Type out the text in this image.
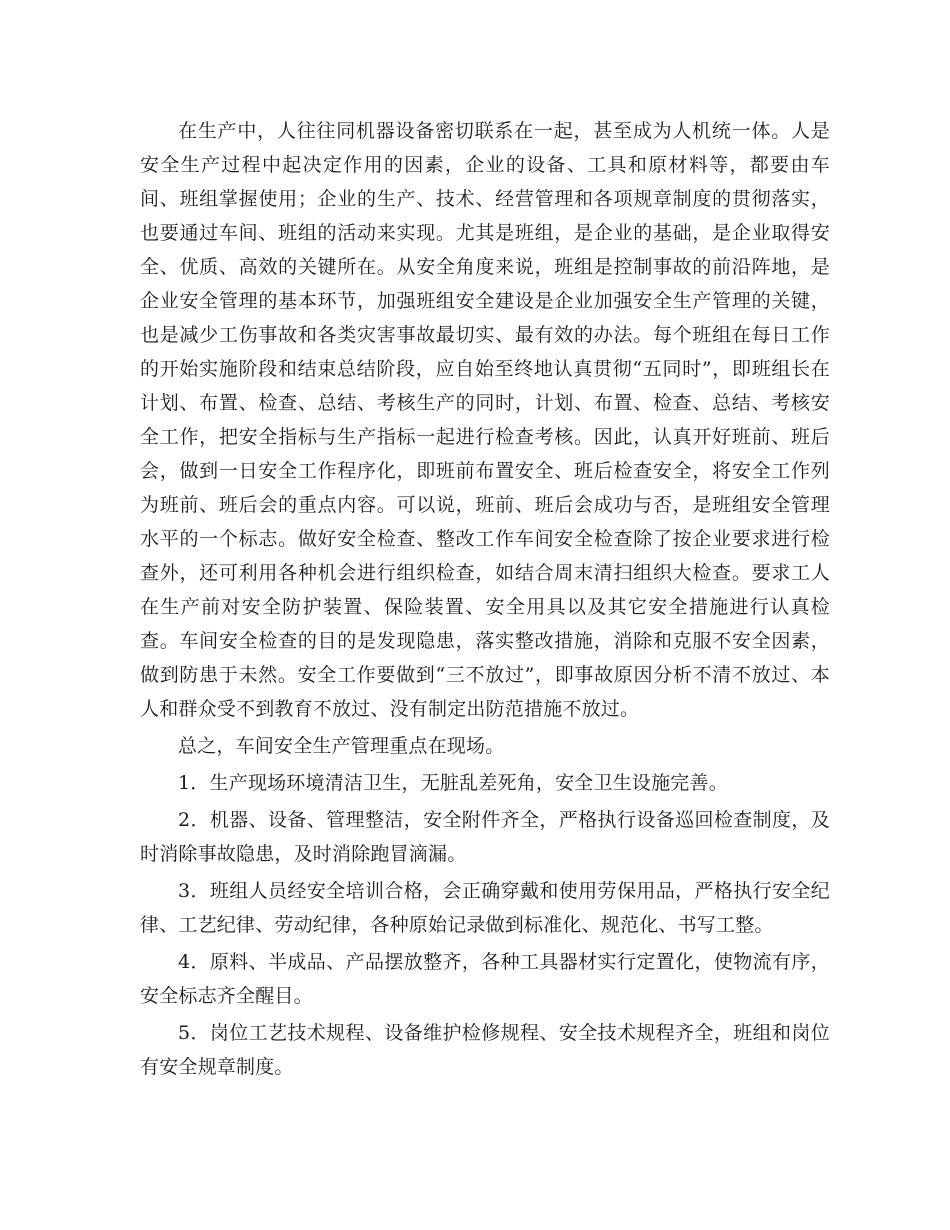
在生产中，人往往同机器设备密切联系在一起，甚至成为人机统一体。人是安全生产过程中起决定作用的因素，企业的设备、工具和原材料等，都要由车间、班组掌握使用；企业的生产、技术、经营管理和各项规章制度的贯彻落实，也要通过车间、班组的活动来实现。尤其是班组，是企业的基础，是企业取得安全、优质、高效的关键所在。从安全角度来说，班组是控制事故的前沿阵地，是企业安全管理的基本环节，加强班组安全建设是企业加强安全生产管理的关键，也是减少工伤事故和各类灾害事故最切实、最有效的办法。每个班组在每日工作的开始实施阶段和结束总结阶段，应自始至终地认真贯彻“五同时”，即班组长在计划、布置、检查、总结、考核生产的同时，计划、布置、检查、总结、考核安全工作，把安全指标与生产指标一起进行检查考核。因此，认真开好班前、班后会，做到一日安全工作程序化，即班前布置安全、班后检查安全，将安全工作列为班前、班后会的重点内容。可以说，班前、班后会成功与否，是班组安全管理水平的一个标志。做好安全检查、整改工作车间安全检查除了按企业要求进行检查外，还可利用各种机会进行组织检查，如结合周末清扫组织大检查。要求工人在生产前对安全防护装置、保险装置、安全用具以及其它安全措施进行认真检查。车间安全检查的目的是发现隐患，落实整改措施，消除和克服不安全因素，做到防患于未然。安全工作要做到“三不放过”，即事故原因分析不清不放过、本人和群众受不到教育不放过、没有制定出防范措施不放过。

总之，车间安全生产管理重点在现场。

1．生产现场环境清洁卫生，无脏乱差死角，安全卫生设施完善。

2．机器、设备、管理整洁，安全附件齐全，严格执行设备巡回检查制度，及时消除事故隐患，及时消除跑冒滴漏。

3．班组人员经安全培训合格，会正确穿戴和使用劳保用品，严格执行安全纪律、工艺纪律、劳动纪律，各种原始记录做到标准化、规范化、书写工整。

4．原料、半成品、产品摆放整齐，各种工具器材实行定置化，使物流有序，安全标志齐全醒目。

5．岗位工艺技术规程、设备维护检修规程、安全技术规程齐全，班组和岗位有安全规章制度。
